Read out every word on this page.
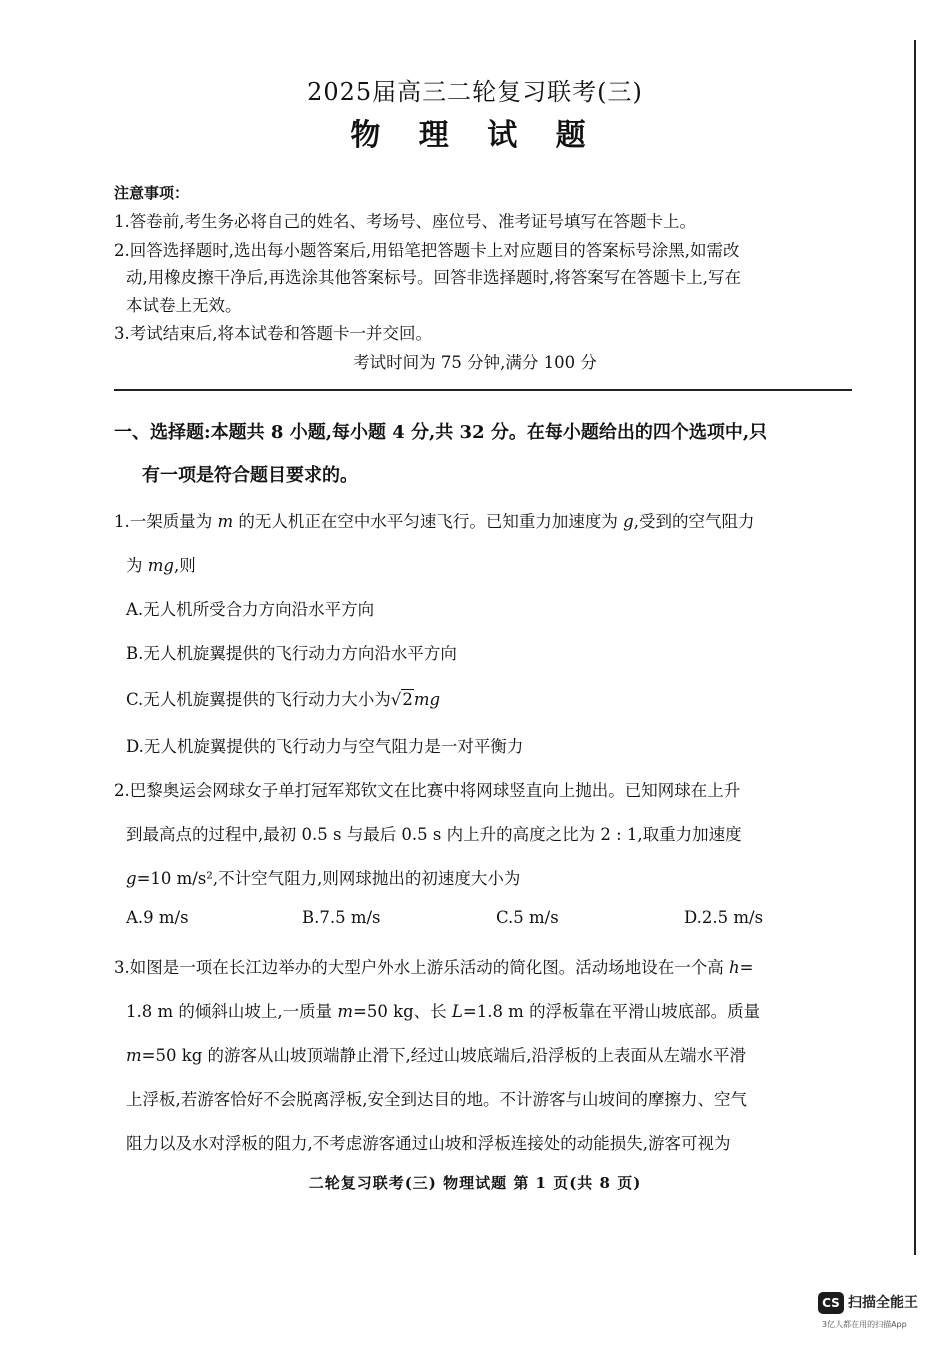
2025届高三二轮复习联考(三)
物 理 试 题
注意事项：
1.答卷前,考生务必将自己的姓名、考场号、座位号、准考证号填写在答题卡上。
2.回答选择题时,选出每小题答案后,用铅笔把答题卡上对应题目的答案标号涂黑,如需改
动,用橡皮擦干净后,再选涂其他答案标号。回答非选择题时,将答案写在答题卡上,写在
本试卷上无效。
3.考试结束后,将本试卷和答题卡一并交回。
考试时间为 75 分钟,满分 100 分
一、选择题:本题共 8 小题,每小题 4 分,共 32 分。在每小题给出的四个选项中,只
有一项是符合题目要求的。
1.一架质量为 m 的无人机正在空中水平匀速飞行。已知重力加速度为 g,受到的空气阻力
为 mg,则
A.无人机所受合力方向沿水平方向
B.无人机旋翼提供的飞行动力方向沿水平方向
C.无人机旋翼提供的飞行动力大小为√2mg
D.无人机旋翼提供的飞行动力与空气阻力是一对平衡力
2.巴黎奥运会网球女子单打冠军郑钦文在比赛中将网球竖直向上抛出。已知网球在上升
到最高点的过程中,最初 0.5 s 与最后 0.5 s 内上升的高度之比为 2 : 1,取重力加速度
g=10 m/s²,不计空气阻力,则网球抛出的初速度大小为
A.9 m/s	B.7.5 m/s	C.5 m/s	D.2.5 m/s
3.如图是一项在长江边举办的大型户外水上游乐活动的简化图。活动场地设在一个高 h=
1.8 m 的倾斜山坡上,一质量 m=50 kg、长 L=1.8 m 的浮板靠在平滑山坡底部。质量
m=50 kg 的游客从山坡顶端静止滑下,经过山坡底端后,沿浮板的上表面从左端水平滑
上浮板,若游客恰好不会脱离浮板,安全到达目的地。不计游客与山坡间的摩擦力、空气
阻力以及水对浮板的阻力,不考虑游客通过山坡和浮板连接处的动能损失,游客可视为
二轮复习联考(三) 物理试题 第 1 页(共 8 页)
CS 扫描全能王
3亿人都在用的扫描App
